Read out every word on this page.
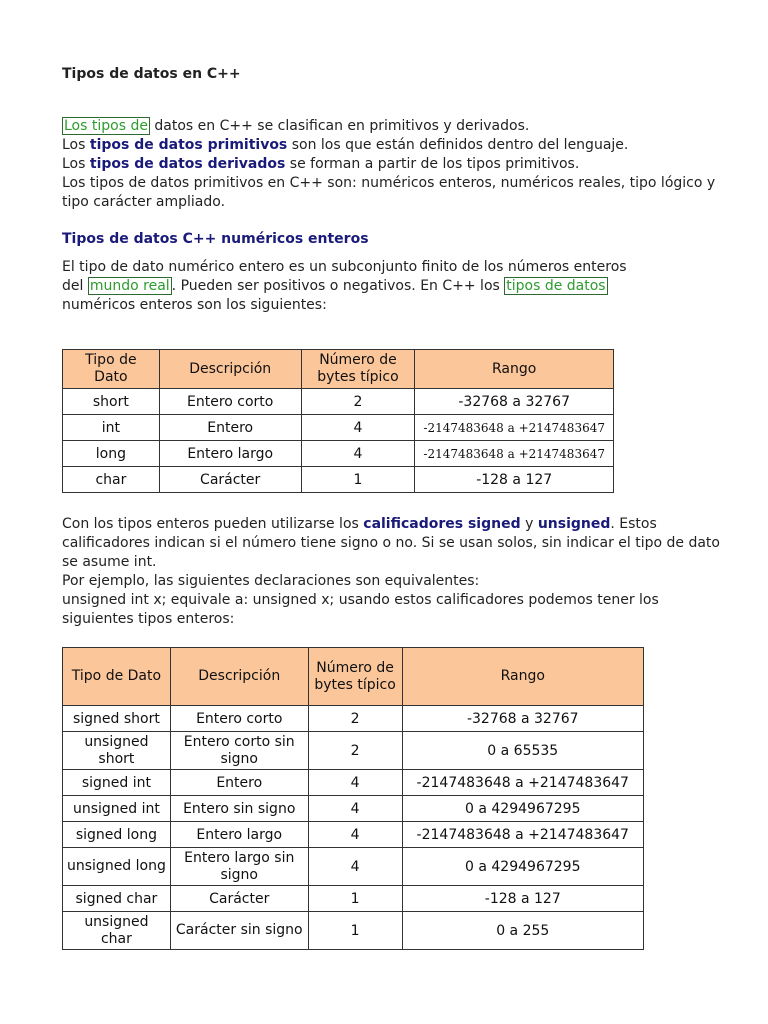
Tipos de datos en C++

Los tipos de datos en C++ se clasifican en primitivos y derivados.
Los tipos de datos primitivos son los que están definidos dentro del lenguaje.
Los tipos de datos derivados se forman a partir de los tipos primitivos.
Los tipos de datos primitivos en C++ son: numéricos enteros, numéricos reales, tipo lógico y tipo carácter ampliado.

Tipos de datos C++ numéricos enteros

El tipo de dato numérico entero es un subconjunto finito de los números enteros del mundo real . Pueden ser positivos o negativos. En C++ los tipos de datos numéricos enteros son los siguientes:

Tipo de Dato	Descripción	Número de bytes típico	Rango
short	Entero corto	2	-32768 a 32767
int	Entero	4	-2147483648 a +2147483647
long	Entero largo	4	-2147483648 a +2147483647
char	Carácter	1	-128 a 127

Con los tipos enteros pueden utilizarse los calificadores signed y unsigned. Estos calificadores indican si el número tiene signo o no. Si se usan solos, sin indicar el tipo de dato se asume int.
Por ejemplo, las siguientes declaraciones son equivalentes:
unsigned int x; equivale a: unsigned x; usando estos calificadores podemos tener los siguientes tipos enteros:

Tipo de Dato	Descripción	Número de bytes típico	Rango
signed short	Entero corto	2	-32768 a 32767
unsigned short	Entero corto sin signo	2	0 a 65535
signed int	Entero	4	-2147483648 a +2147483647
unsigned int	Entero sin signo	4	0 a 4294967295
signed long	Entero largo	4	-2147483648 a +2147483647
unsigned long	Entero largo sin signo	4	0 a 4294967295
signed char	Carácter	1	-128 a 127
unsigned char	Carácter sin signo	1	0 a 255
